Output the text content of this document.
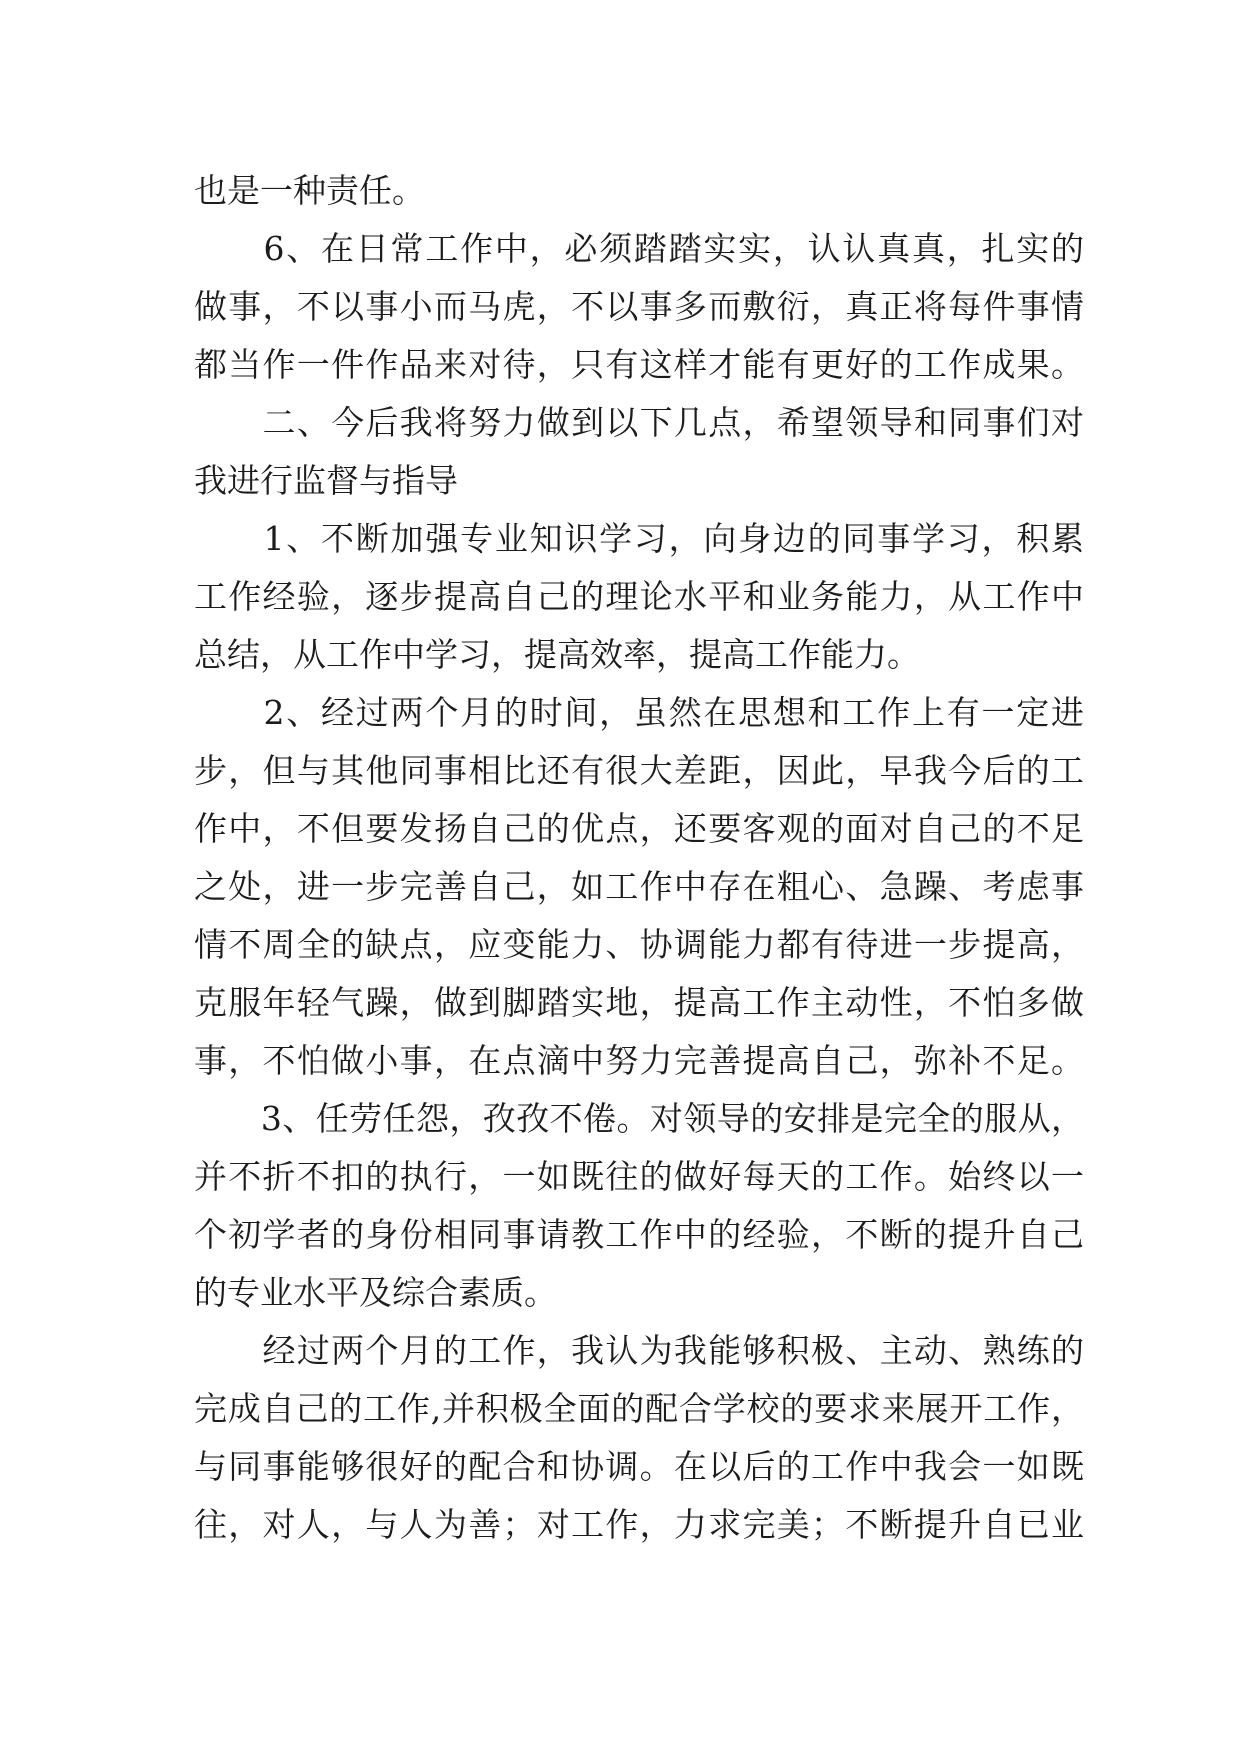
也是一种责任。
　　6、在日常工作中，必须踏踏实实，认认真真，扎实的
做事，不以事小而马虎，不以事多而敷衍，真正将每件事情
都当作一件作品来对待，只有这样才能有更好的工作成果。
　　二、今后我将努力做到以下几点，希望领导和同事们对
我进行监督与指导
　　1、不断加强专业知识学习，向身边的同事学习，积累
工作经验，逐步提高自己的理论水平和业务能力，从工作中
总结，从工作中学习，提高效率，提高工作能力。
　　2、经过两个月的时间，虽然在思想和工作上有一定进
步，但与其他同事相比还有很大差距，因此，早我今后的工
作中，不但要发扬自己的优点，还要客观的面对自己的不足
之处，进一步完善自己，如工作中存在粗心、急躁、考虑事
情不周全的缺点，应变能力、协调能力都有待进一步提高，
克服年轻气躁，做到脚踏实地，提高工作主动性，不怕多做
事，不怕做小事，在点滴中努力完善提高自己，弥补不足。
　　3、任劳任怨，孜孜不倦。对领导的安排是完全的服从，
并不折不扣的执行，一如既往的做好每天的工作。始终以一
个初学者的身份相同事请教工作中的经验，不断的提升自己
的专业水平及综合素质。
　　经过两个月的工作，我认为我能够积极、主动、熟练的
完成自己的工作,并积极全面的配合学校的要求来展开工作，
与同事能够很好的配合和协调。在以后的工作中我会一如既
往，对人，与人为善；对工作，力求完美；不断提升自已业
